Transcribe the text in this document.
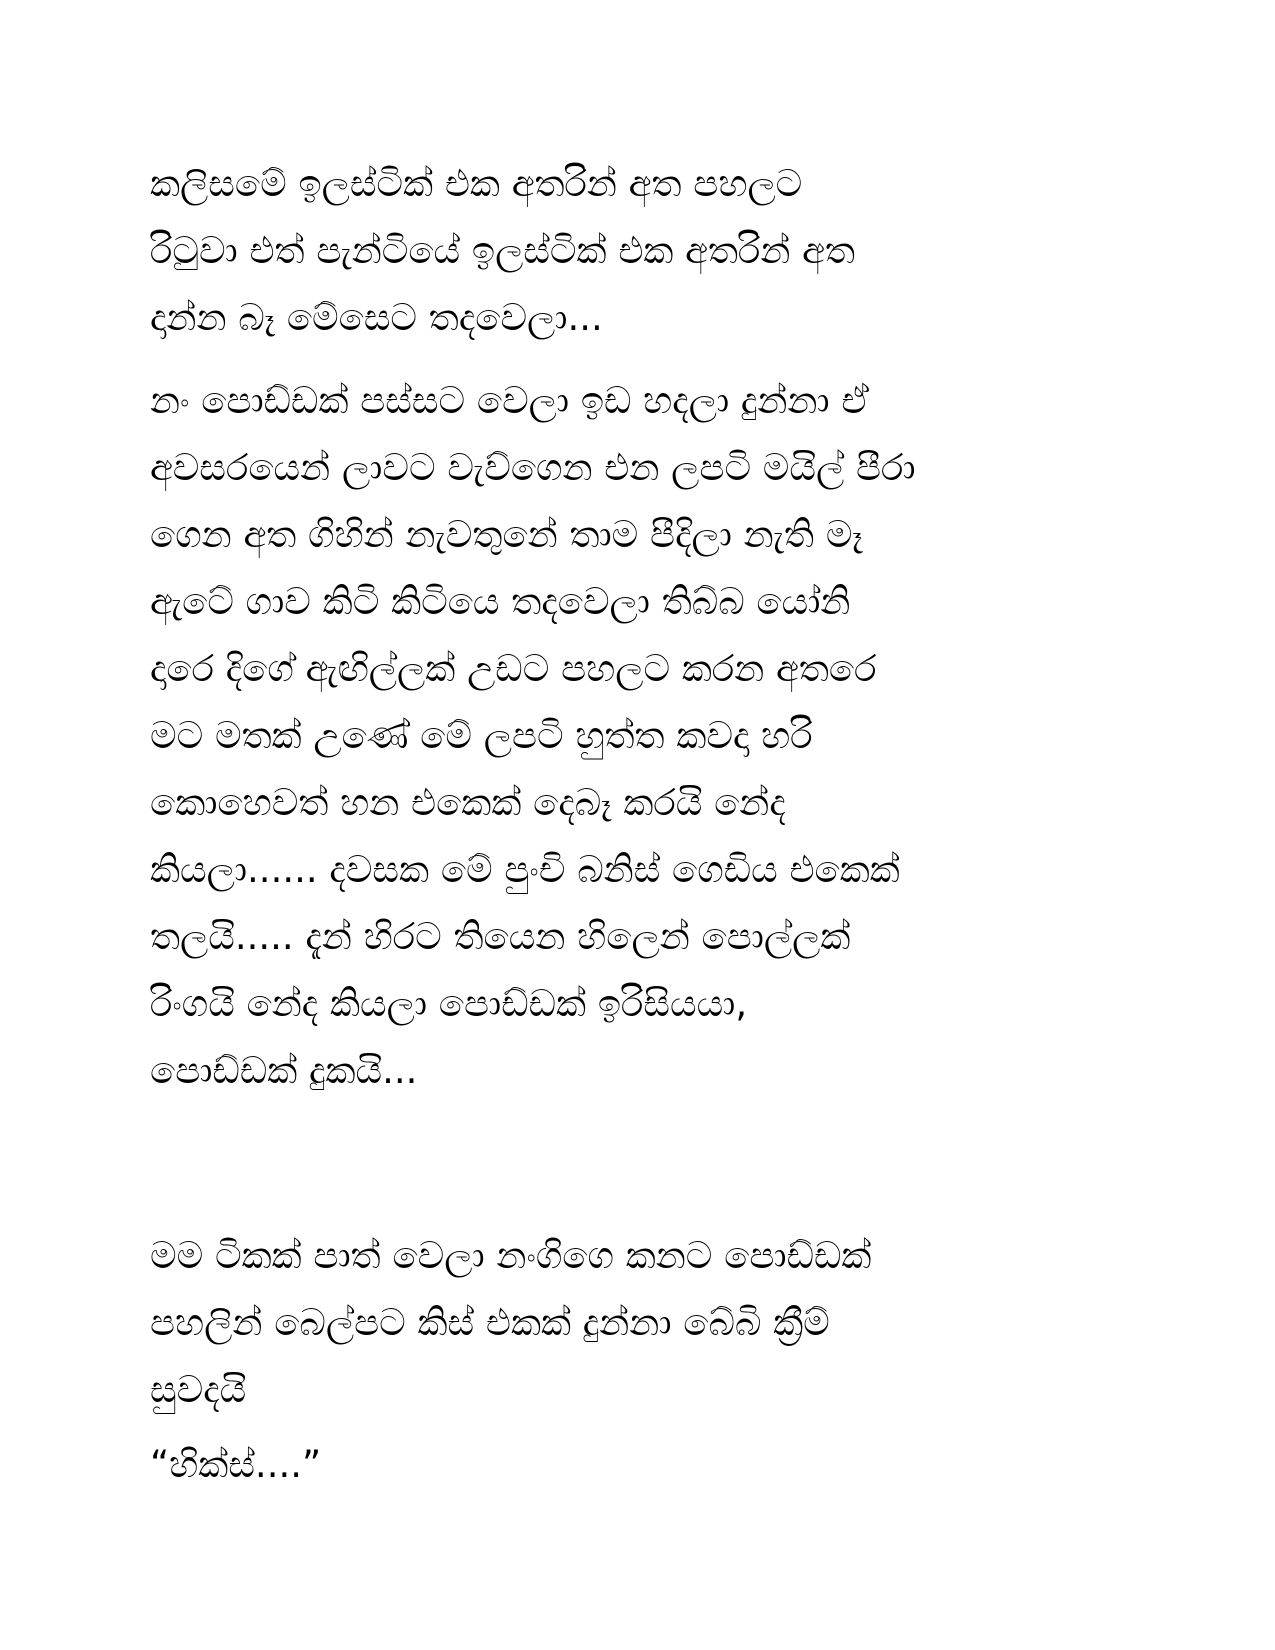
කලිසමේ ඉලස්ටික් එක අතරින් අත පහලට
රිටුවා එත් පැන්ටියේ ඉලස්ටික් එක අතරින් අත
දාන්න බෑ මේසෙට තදවෙලා...

නං පොඩ්ඩක් පස්සට වෙලා ඉඩ හදලා දුන්නා ඒ
අවසරයෙන් ලාවට වැව්ගෙන එන ලපටි මයිල් පීරා
ගෙන අත ගිහින් නැවතුනේ තාම පීදිලා නැති මෑ
ඇටේ ගාව කිටි කිටියෙ තදවෙලා තිබ්බ යෝනි
දාරෙ දිගේ ඇඟිල්ලක් උඩට පහලට කරන අතරෙ
මට මතක් උණේ මේ ලපටි හුත්ත කවදා හරි
කොහෙවත් හන එකෙක් දෙබෑ කරයි නේද
කියලා...... දවසක මේ පුංචි බනිස් ගෙඩිය එකෙක්
තලයි..... දැන් හිරට තියෙන හිලෙන් පොල්ලක්
රිංගයි නේද කියලා පොඩ්ඩක් ඉරිසියයා,
පොඩ්ඩක් දුකයි...

මම ටිකක් පාත් වෙලා නංගිගෙ කනට පොඩ්ඩක්
පහලින් බෙල්පට කිස් එකක් දුන්නා බේබි ක්‍රීම්
සුවදයි

“හික්ස්....”
